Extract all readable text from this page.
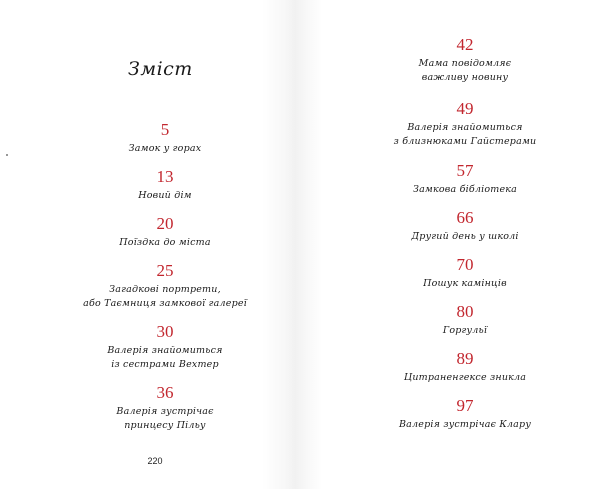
Зміст
5
Замок у горах
13
Новий дім
20
Поїздка до міста
25
Загадкові портрети,
або Таємниця замкової галереї
30
Валерія знайомиться
із сестрами Вехтер
36
Валерія зустрічає
принцесу Пільу
220
42
Мама повідомляє
важливу новину
49
Валерія знайомиться
з близнюками Гайстерами
57
Замкова бібліотека
66
Другий день у школі
70
Пошук камінців
80
Горгульї
89
Цитраненгексе зникла
97
Валерія зустрічає Клару
